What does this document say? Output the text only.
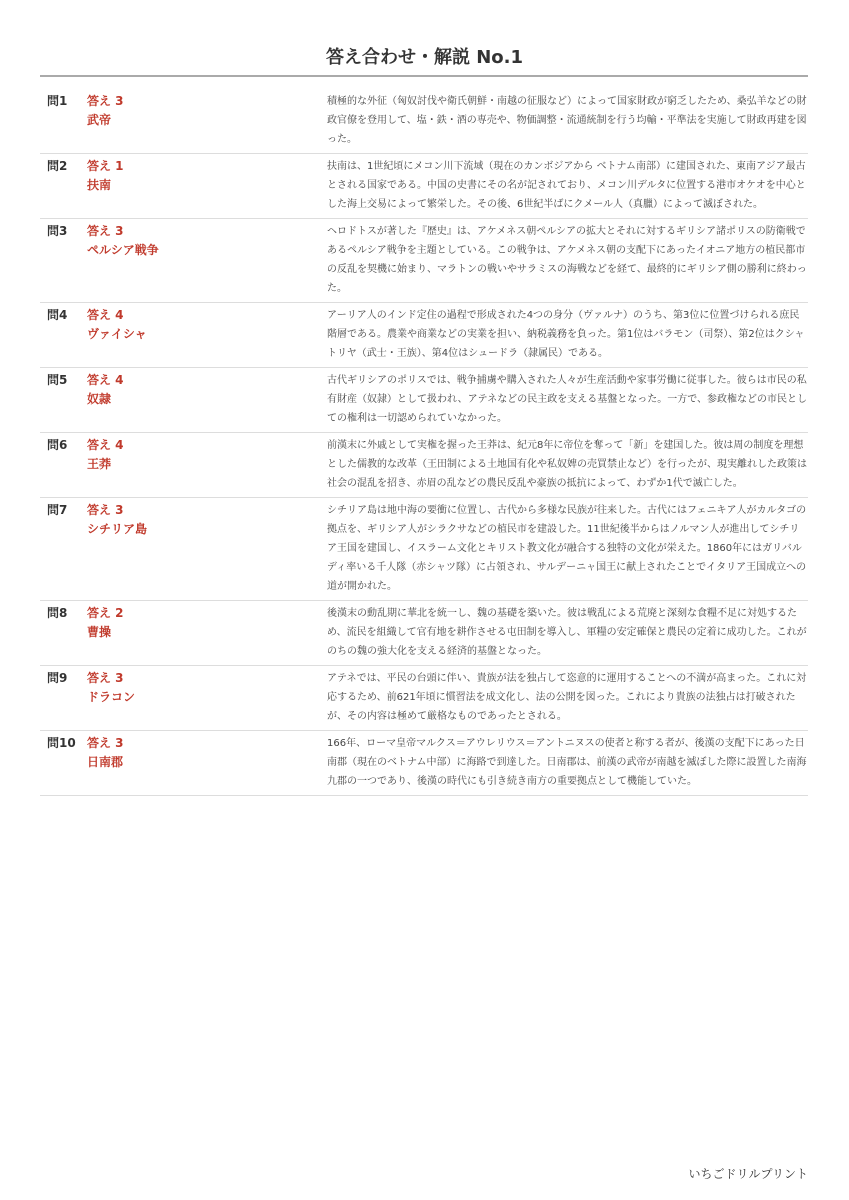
答え合わせ・解説 No.1
問1	答え 3
武帝
積極的な外征（匈奴討伐や衛氏朝鮮・南越の征服など）によって国家財政が窮乏したため、桑弘羊などの財政官僚を登用して、塩・鉄・酒の専売や、物価調整・流通統制を行う均輸・平準法を実施して財政再建を図った。
問2	答え 1
扶南
扶南は、1世紀頃にメコン川下流域（現在のカンボジアから ベトナム南部）に建国された、東南アジア最古とされる国家である。中国の史書にその名が記されており、メコン川デルタに位置する港市オケオを中心とした海上交易によって繁栄した。その後、6世紀半ばにクメール人（真臘）によって滅ぼされた。
問3	答え 3
ペルシア戦争
ヘロドトスが著した『歴史』は、アケメネス朝ペルシアの拡大とそれに対するギリシア諸ポリスの防衛戦であるペルシア戦争を主題としている。この戦争は、アケメネス朝の支配下にあったイオニア地方の植民都市の反乱を契機に始まり、マラトンの戦いやサラミスの海戦などを経て、最終的にギリシア側の勝利に終わった。
問4	答え 4
ヴァイシャ
アーリア人のインド定住の過程で形成された4つの身分（ヴァルナ）のうち、第3位に位置づけられる庶民階層である。農業や商業などの実業を担い、納税義務を負った。第1位はバラモン（司祭）、第2位はクシャトリヤ（武士・王族）、第4位はシュードラ（隷属民）である。
問5	答え 4
奴隷
古代ギリシアのポリスでは、戦争捕虜や購入された人々が生産活動や家事労働に従事した。彼らは市民の私有財産（奴隷）として扱われ、アテネなどの民主政を支える基盤となった。一方で、参政権などの市民としての権利は一切認められていなかった。
問6	答え 4
王莽
前漢末に外戚として実権を握った王莽は、紀元8年に帝位を奪って「新」を建国した。彼は周の制度を理想とした儒教的な改革（王田制による土地国有化や私奴婢の売買禁止など）を行ったが、現実離れした政策は社会の混乱を招き、赤眉の乱などの農民反乱や豪族の抵抗によって、わずか1代で滅亡した。
問7	答え 3
シチリア島
シチリア島は地中海の要衝に位置し、古代から多様な民族が往来した。古代にはフェニキア人がカルタゴの拠点を、ギリシア人がシラクサなどの植民市を建設した。11世紀後半からはノルマン人が進出してシチリア王国を建国し、イスラーム文化とキリスト教文化が融合する独特の文化が栄えた。1860年にはガリバルディ率いる千人隊（赤シャツ隊）に占領され、サルデーニャ国王に献上されたことでイタリア王国成立への道が開かれた。
問8	答え 2
曹操
後漢末の動乱期に華北を統一し、魏の基礎を築いた。彼は戦乱による荒廃と深刻な食糧不足に対処するため、流民を組織して官有地を耕作させる屯田制を導入し、軍糧の安定確保と農民の定着に成功した。これがのちの魏の強大化を支える経済的基盤となった。
問9	答え 3
ドラコン
アテネでは、平民の台頭に伴い、貴族が法を独占して恣意的に運用することへの不満が高まった。これに対応するため、前621年頃に慣習法を成文化し、法の公開を図った。これにより貴族の法独占は打破されたが、その内容は極めて厳格なものであったとされる。
問10 答え 3
日南郡
166年、ローマ皇帝マルクス＝アウレリウス＝アントニヌスの使者と称する者が、後漢の支配下にあった日南郡（現在のベトナム中部）に海路で到達した。日南郡は、前漢の武帝が南越を滅ぼした際に設置した南海九郡の一つであり、後漢の時代にも引き続き南方の重要拠点として機能していた。
いちごドリルプリント
